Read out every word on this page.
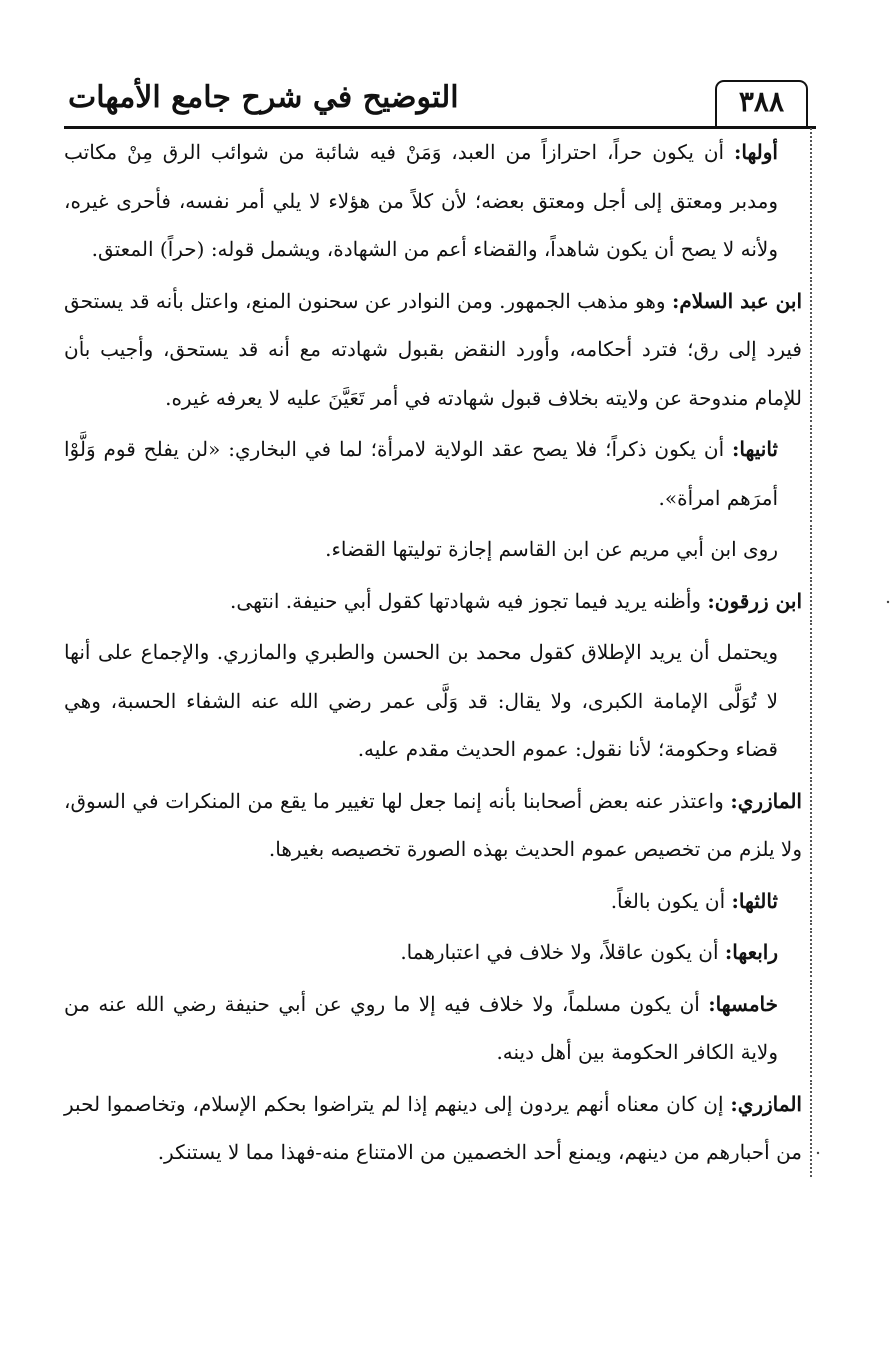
٣٨٨
التوضيح في شرح جامع الأمهات

أولها: أن يكون حراً، احترازاً من العبد، وَمَنْ فيه شائبة من شوائب الرق مِنْ مكاتب ومدبر ومعتق إلى أجل ومعتق بعضه؛ لأن كلاً من هؤلاء لا يلي أمر نفسه، فأحرى غيره، ولأنه لا يصح أن يكون شاهداً، والقضاء أعم من الشهادة، ويشمل قوله: (حراً) المعتق.

ابن عبد السلام: وهو مذهب الجمهور. ومن النوادر عن سحنون المنع، واعتل بأنه قد يستحق فيرد إلى رق؛ فترد أحكامه، وأورد النقض بقبول شهادته مع أنه قد يستحق، وأجيب بأن للإمام مندوحة عن ولايته بخلاف قبول شهادته في أمر تَعَيَّنَ عليه لا يعرفه غيره.

ثانيها: أن يكون ذكراً؛ فلا يصح عقد الولاية لامرأة؛ لما في البخاري: «لن يفلح قوم وَلَّوْا أمرَهم امرأة».

روى ابن أبي مريم عن ابن القاسم إجازة توليتها القضاء.

ابن زرقون: وأظنه يريد فيما تجوز فيه شهادتها كقول أبي حنيفة. انتهى.

ويحتمل أن يريد الإطلاق كقول محمد بن الحسن والطبري والمازري. والإجماع على أنها لا تُوَلَّى الإمامة الكبرى، ولا يقال: قد وَلَّى عمر رضي الله عنه الشفاء الحسبة، وهي قضاء وحكومة؛ لأنا نقول: عموم الحديث مقدم عليه.

المازري: واعتذر عنه بعض أصحابنا بأنه إنما جعل لها تغيير ما يقع من المنكرات في السوق، ولا يلزم من تخصيص عموم الحديث بهذه الصورة تخصيصه بغيرها.

ثالثها: أن يكون بالغاً.

رابعها: أن يكون عاقلاً، ولا خلاف في اعتبارهما.

خامسها: أن يكون مسلماً، ولا خلاف فيه إلا ما روي عن أبي حنيفة رضي الله عنه من ولاية الكافر الحكومة بين أهل دينه.

المازري: إن كان معناه أنهم يردون إلى دينهم إذا لم يتراضوا بحكم الإسلام، وتخاصموا لحبر من أحبارهم من دينهم، ويمنع أحد الخصمين من الامتناع منه-فهذا مما لا يستنكر.
